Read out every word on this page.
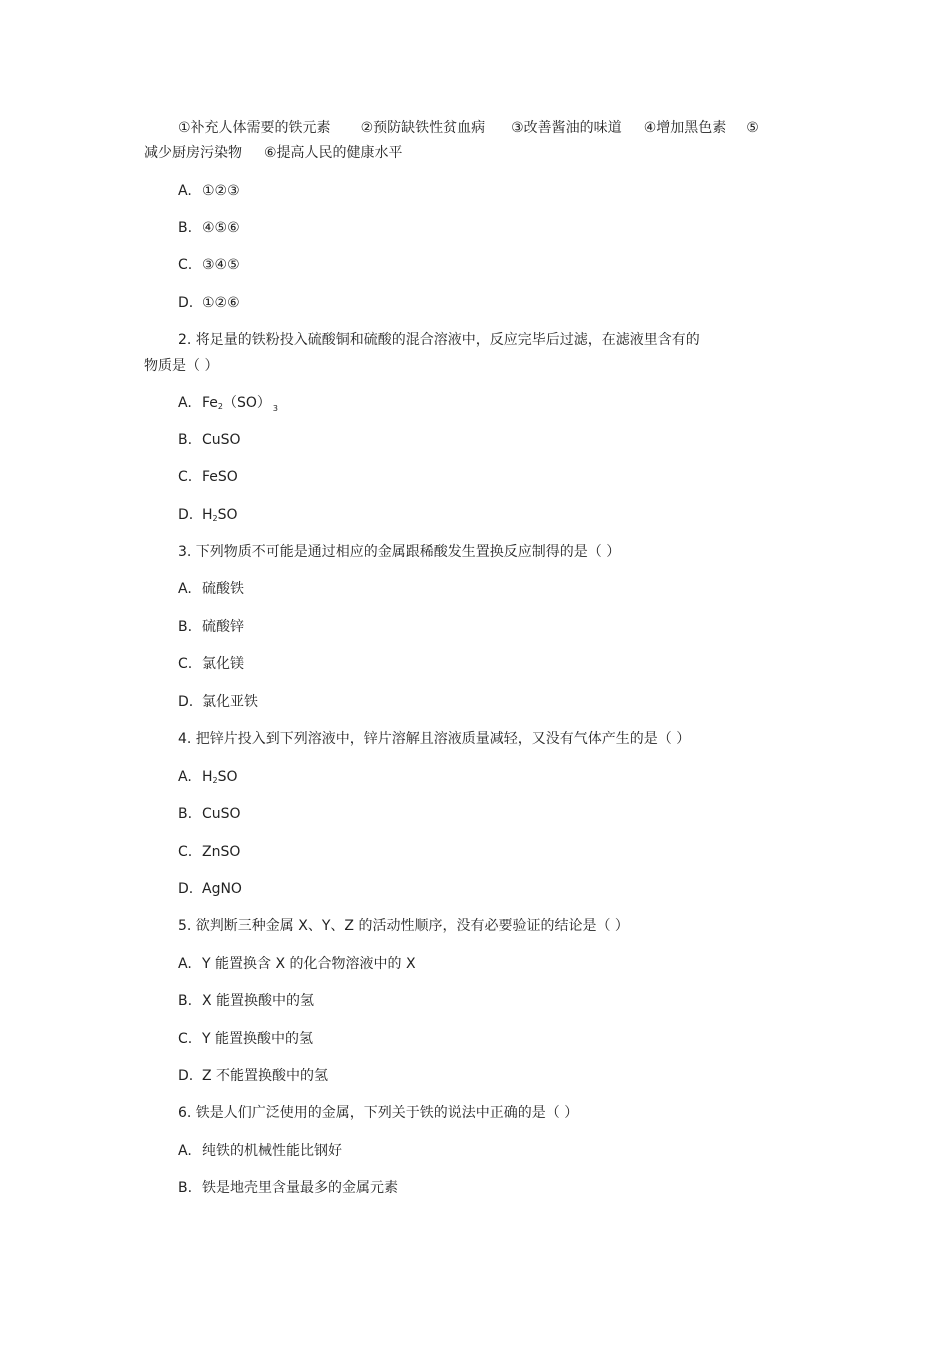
①补充人体需要的铁元素 ②预防缺铁性贫血病 ③改善酱油的味道 ④增加黑色素 ⑤
减少厨房污染物 ⑥提高人民的健康水平
A. ①②③
B. ④⑤⑥
C. ③④⑤
D. ①②⑥
2. 将足量的铁粉投入硫酸铜和硫酸的混合溶液中，反应完毕后过滤，在滤液里含有的
物质是（ ）
A. $Fe_2(SO)$ $_3$
B. CuSO
C. FeSO
D. $H_2SO$
3. 下列物质不可能是通过相应的金属跟稀酸发生置换反应制得的是（ ）
A. 硫酸铁
B. 硫酸锌
C. 氯化镁
D. 氯化亚铁
4. 把锌片投入到下列溶液中，锌片溶解且溶液质量减轻，又没有气体产生的是（ ）
A. $H_2SO$
B. CuSO
C. ZnSO
D. AgNO
5. 欲判断三种金属 X、Y、Z 的活动性顺序，没有必要验证的结论是（ ）
A. Y 能置换含 X 的化合物溶液中的 X
B. X 能置换酸中的氢
C. Y 能置换酸中的氢
D. Z 不能置换酸中的氢
6. 铁是人们广泛使用的金属，下列关于铁的说法中正确的是（ ）
A. 纯铁的机械性能比钢好
B. 铁是地壳里含量最多的金属元素
